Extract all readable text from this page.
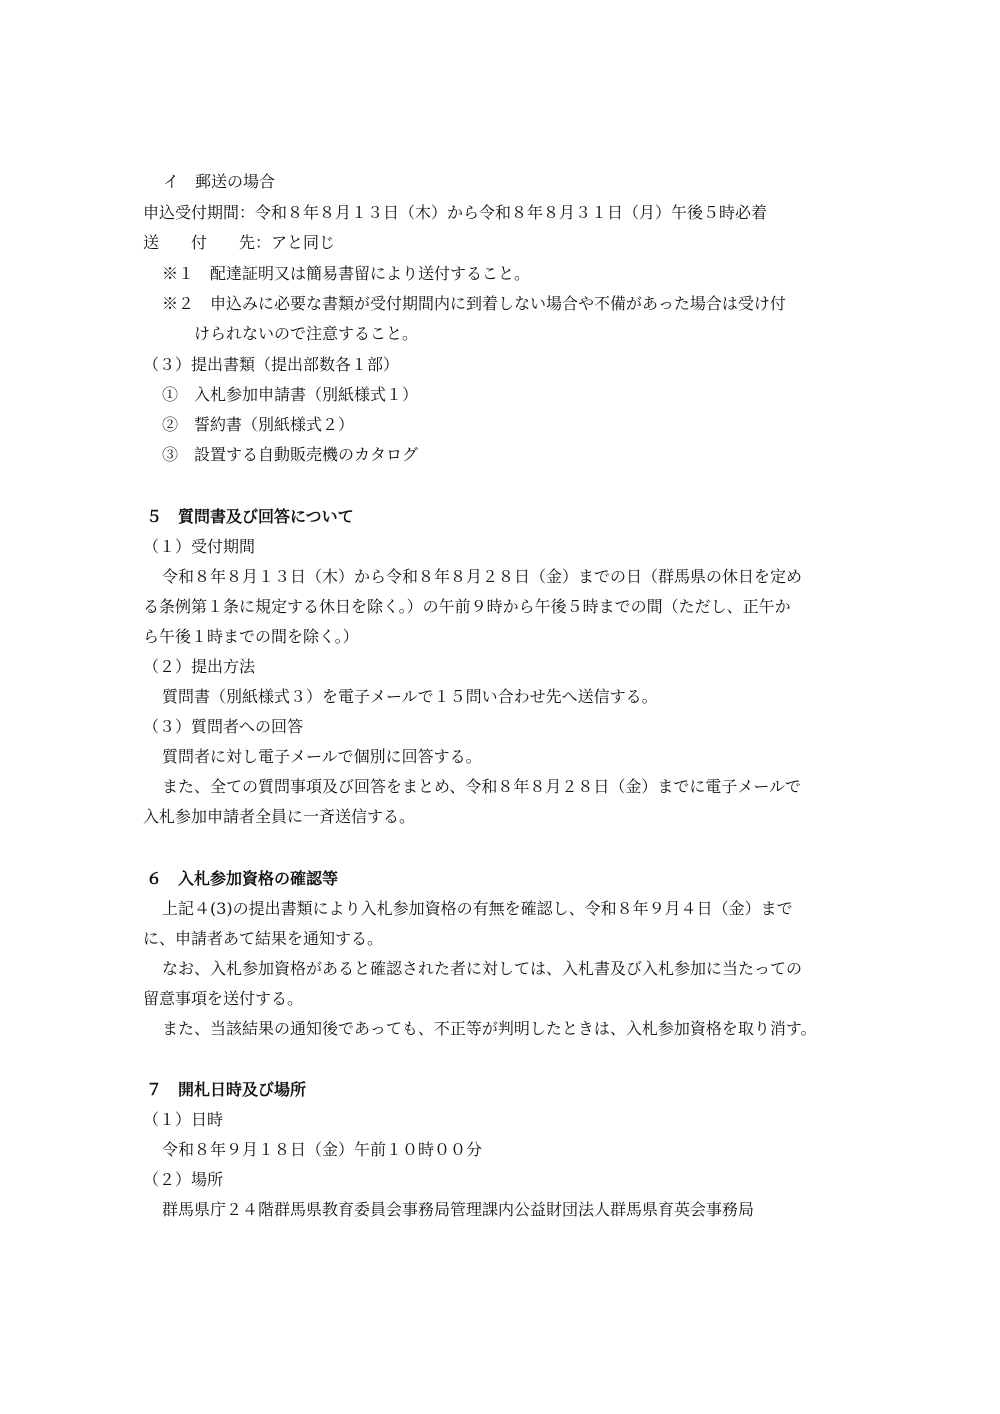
イ　郵送の場合
申込受付期間：令和８年８月１３日（木）から令和８年８月３１日（月）午後５時必着
送　　付　　先：アと同じ
※１　配達証明又は簡易書留により送付すること。
※２　申込みに必要な書類が受付期間内に到着しない場合や不備があった場合は受け付
けられないので注意すること。
（３）提出書類（提出部数各１部）
①　入札参加申請書（別紙様式１）
②　誓約書（別紙様式２）
③　設置する自動販売機のカタログ
５　質問書及び回答について
（１）受付期間
令和８年８月１３日（木）から令和８年８月２８日（金）までの日（群馬県の休日を定め
る条例第１条に規定する休日を除く。）の午前９時から午後５時までの間（ただし、正午か
ら午後１時までの間を除く。）
（２）提出方法
質問書（別紙様式３）を電子メールで１５問い合わせ先へ送信する。
（３）質問者への回答
質問者に対し電子メールで個別に回答する。
また、全ての質問事項及び回答をまとめ、令和８年８月２８日（金）までに電子メールで
入札参加申請者全員に一斉送信する。
６　入札参加資格の確認等
上記４(3)の提出書類により入札参加資格の有無を確認し、令和８年９月４日（金）まで
に、申請者あて結果を通知する。
なお、入札参加資格があると確認された者に対しては、入札書及び入札参加に当たっての
留意事項を送付する。
また、当該結果の通知後であっても、不正等が判明したときは、入札参加資格を取り消す。
７　開札日時及び場所
（１）日時
令和８年９月１８日（金）午前１０時００分
（２）場所
群馬県庁２４階群馬県教育委員会事務局管理課内公益財団法人群馬県育英会事務局
